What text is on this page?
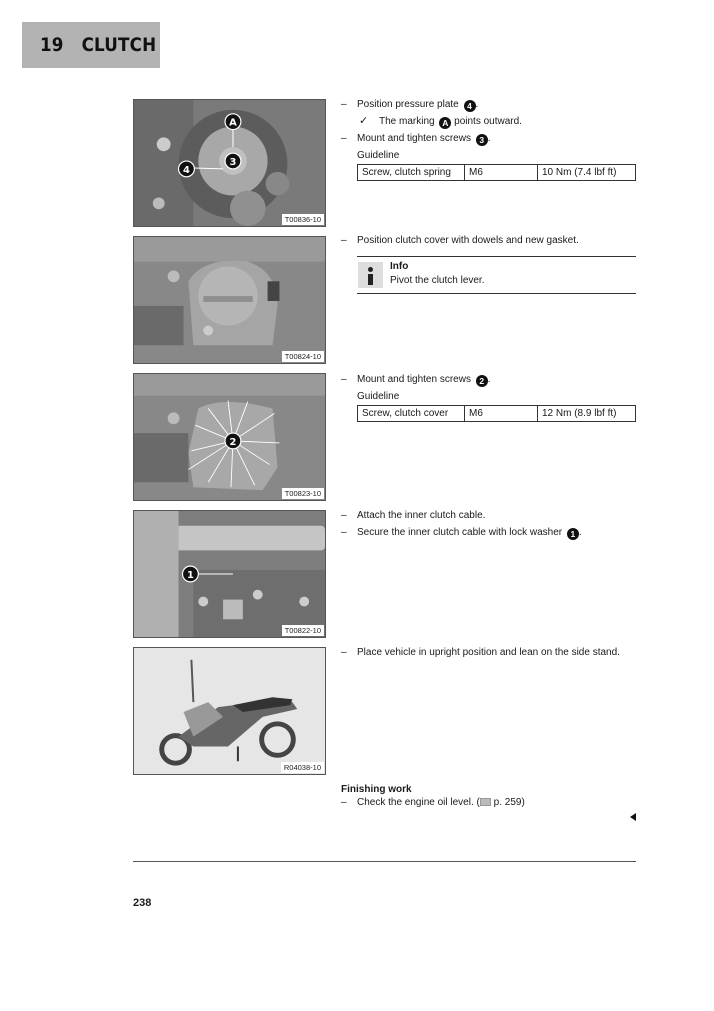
19   CLUTCH
A
3
4
T00836-10
T00824-10
2
T00823-10
1
T00822-10
R04038-10
– Position pressure plate 4 .
✓ The marking A points outward.
– Mount and tighten screws 3 .
Guideline
Screw, clutch spring	M6	10 Nm (7.4 lbf ft)
– Position clutch cover with dowels and new gasket.
Info
Pivot the clutch lever.
– Mount and tighten screws 2 .
Guideline
Screw, clutch cover	M6	12 Nm (8.9 lbf ft)
– Attach the inner clutch cable.
– Secure the inner clutch cable with lock washer 1 .
– Place vehicle in upright position and lean on the side stand.
Finishing work
– Check the engine oil level. ( p. 259)
238
